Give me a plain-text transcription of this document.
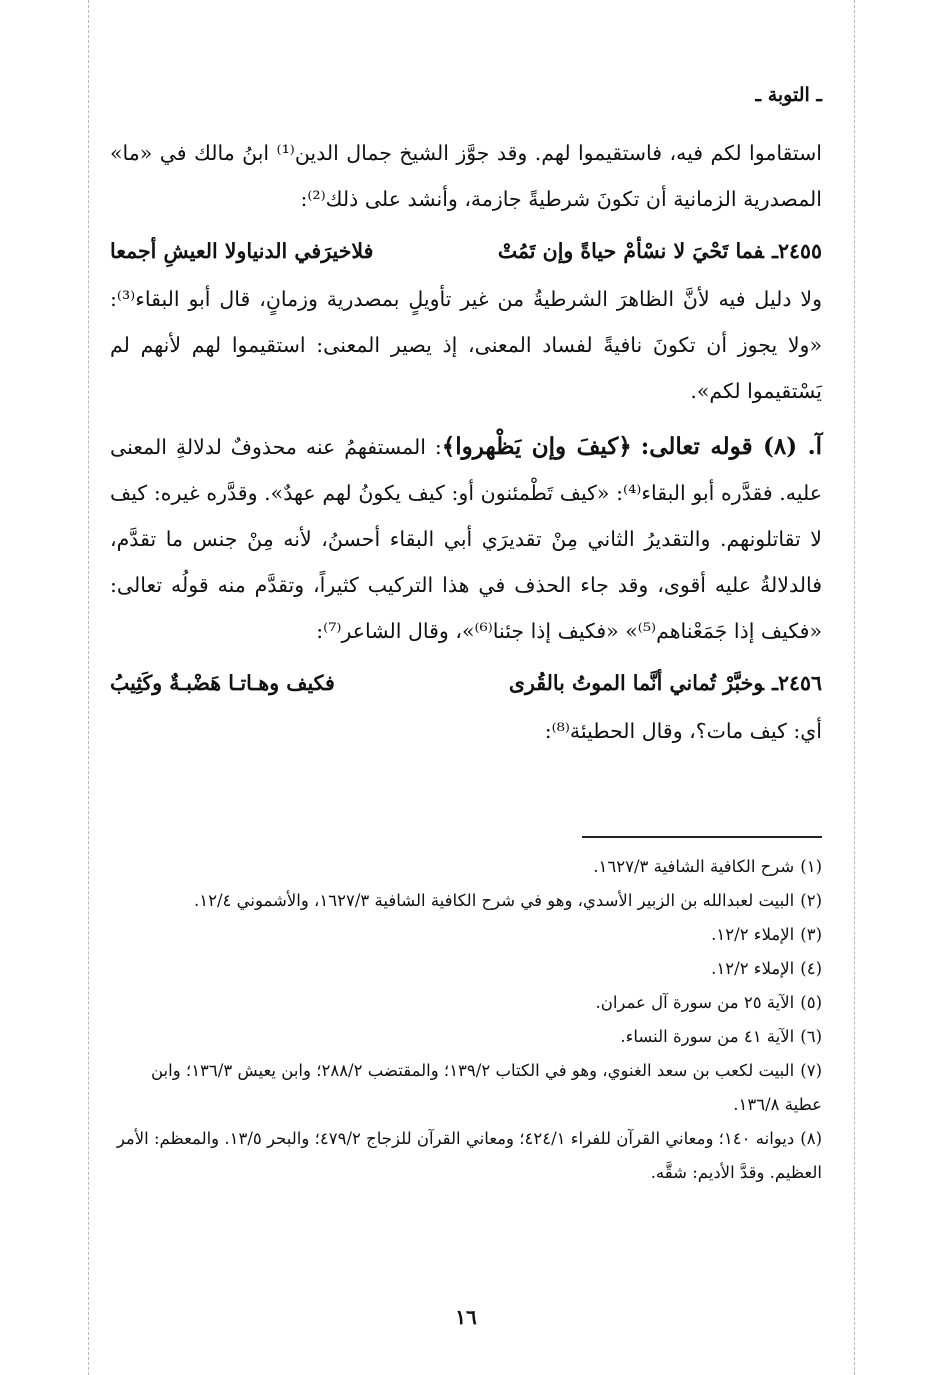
ـ التوبة ـ

استقاموا لكم فيه، فاستقيموا لهم. وقد جوَّز الشيخ جمال الدين⁽¹⁾ ابنُ مالك في «ما» المصدرية الزمانية أن تكونَ شرطيةً جازمة، وأنشد على ذلك⁽²⁾:

٢٤٥٥ـفما تَحْيَ لا نسْأمْ حياةً وإن تَمُتْ
فلاخيرَفي الدنياولا العيشِ أجمعا

ولا دليل فيه لأنَّ الظاهرَ الشرطيةُ من غير تأويلٍ بمصدرية وزمانٍ، قال أبو البقاء⁽³⁾: «ولا يجوز أن تكونَ نافيةً لفساد المعنى، إذ يصير المعنى: استقيموا لهم لأنهم لم يَسْتقيموا لكم».

آ. (٨) قوله تعالى: ﴿كيفَ وإن يَظْهروا﴾: المستفهمُ عنه محذوفٌ لدلالةِ المعنى عليه. فقدَّره أبو البقاء⁽⁴⁾: «كيف تَطْمئنون أو: كيف يكونُ لهم عهدٌ». وقدَّره غيره: كيف لا تقاتلونهم. والتقديرُ الثاني مِنْ تقديرَي أبي البقاء أحسنُ، لأنه مِنْ جنس ما تقدَّم، فالدلالةُ عليه أقوى، وقد جاء الحذف في هذا التركيب كثيراً، وتقدَّم منه قولُه تعالى: «فكيف إذا جَمَعْناهم⁽⁵⁾» «فكيف إذا جئنا⁽⁶⁾»، وقال الشاعر⁽⁷⁾:

٢٤٥٦ـوخبَّرْ تُماني أنَّما الموتُ بالقُرى
فكيف وهـاتـا هَضْبـةٌ وكَثِيبُ

أي: كيف مات؟، وقال الحطيئة⁽⁸⁾:

(١)شرح الكافية الشافية ١٦٢٧/٣.
(٢)البيت لعبدالله بن الزبير الأسدي، وهو في شرح الكافية الشافية ١٦٢٧/٣، والأشموني ١٢/٤.
(٣)الإملاء ١٢/٢.
(٤)الإملاء ١٢/٢.
(٥)الآية ٢٥ من سورة آل عمران.
(٦)الآية ٤١ من سورة النساء.
(٧)البيت لكعب بن سعد الغنوي، وهو في الكتاب ١٣٩/٢؛ والمقتضب ٢٨٨/٢؛ وابن يعيش ١٣٦/٣؛ وابن عطية ١٣٦/٨.
(٨)ديوانه ١٤٠؛ ومعاني القرآن للفراء ٤٢٤/١؛ ومعاني القرآن للزجاج ٤٧٩/٢؛ والبحر ١٣/٥. والمعظم: الأمر العظيم. وقدَّ الأديم: شقَّه.
١٦
